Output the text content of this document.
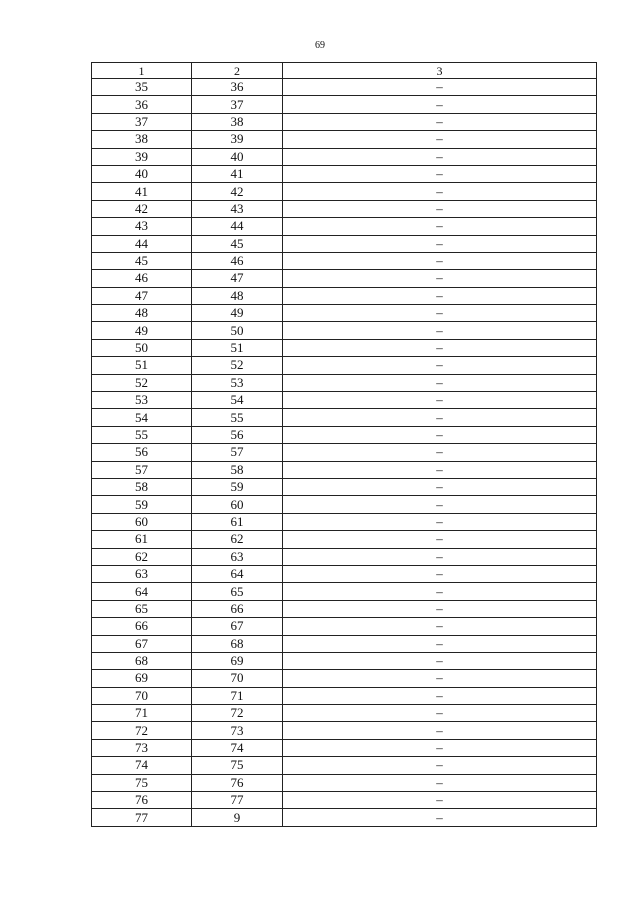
69
1	2	3
35	36	–
36	37	–
37	38	–
38	39	–
39	40	–
40	41	–
41	42	–
42	43	–
43	44	–
44	45	–
45	46	–
46	47	–
47	48	–
48	49	–
49	50	–
50	51	–
51	52	–
52	53	–
53	54	–
54	55	–
55	56	–
56	57	–
57	58	–
58	59	–
59	60	–
60	61	–
61	62	–
62	63	–
63	64	–
64	65	–
65	66	–
66	67	–
67	68	–
68	69	–
69	70	–
70	71	–
71	72	–
72	73	–
73	74	–
74	75	–
75	76	–
76	77	–
77	9	–
